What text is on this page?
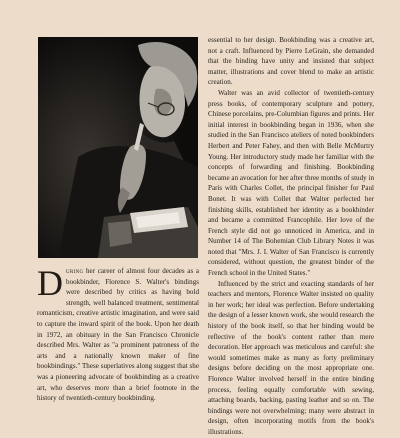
essential to her design. Bookbinding was a creative art, not a craft. Influenced by Pierre LeGrain, she demanded that the binding have unity and insisted that subject matter, illustrations and cover blend to make an artistic creation.

Walter was an avid collector of twentieth-century press books, of contemporary sculpture and pottery, Chinese porcelains, pre-Columbian figures and prints. Her initial interest in bookbinding began in 1936, when she studied in the San Francisco ateliers of noted bookbinders Herbert and Peter Fahey, and then with Belle McMurtry Young. Her introductory study made her familiar with the concepts of forwarding and finishing. Bookbinding became an avocation for her after three months of study in Paris with Charles Collet, the principal finisher for Paul Bonet. It was with Collet that Walter perfected her finishing skills, established her identity as a bookbinder and became a committed Francophile. Her love of the French style did not go unnoticed in America, and in Number 14 of The Bohemian Club Library Notes it was noted that "Mrs. J. I. Walter of San Francisco is currently considered, without question, the greatest binder of the French school in the United States."

Influenced by the strict and exacting standards of her teachers and mentors, Florence Walter insisted on quality in her work; her ideal was perfection. Before undertaking the design of a lesser known work, she would research the history of the book itself, so that her binding would be reflective of the book's content rather than mere decoration. Her approach was meticulous and careful: she would sometimes make as many as forty preliminary designs before deciding on the most appropriate one. Florence Walter involved herself in the entire binding process, feeling equally comfortable with sewing, attaching boards, backing, pasting leather and so on. The bindings were not overwhelming; many were abstract in design, often incorporating motifs from the book's illustrations.

During her career of almost four decades as a bookbinder, Florence S. Walter's bindings were described by critics as having bold strength, well balanced treatment, sentimental romanticism, creative artistic imagination, and were said to capture the inward spirit of the book. Upon her death in 1972, an obituary in the San Francisco Chronicle described Mrs. Walter as "a prominent patroness of the arts and a nationally known maker of fine bookbindings." These superlatives along suggest that she was a pioneering advocate of bookbinding as a creative art, who deserves more than a brief footnote in the history of twentieth-century bookbinding.
